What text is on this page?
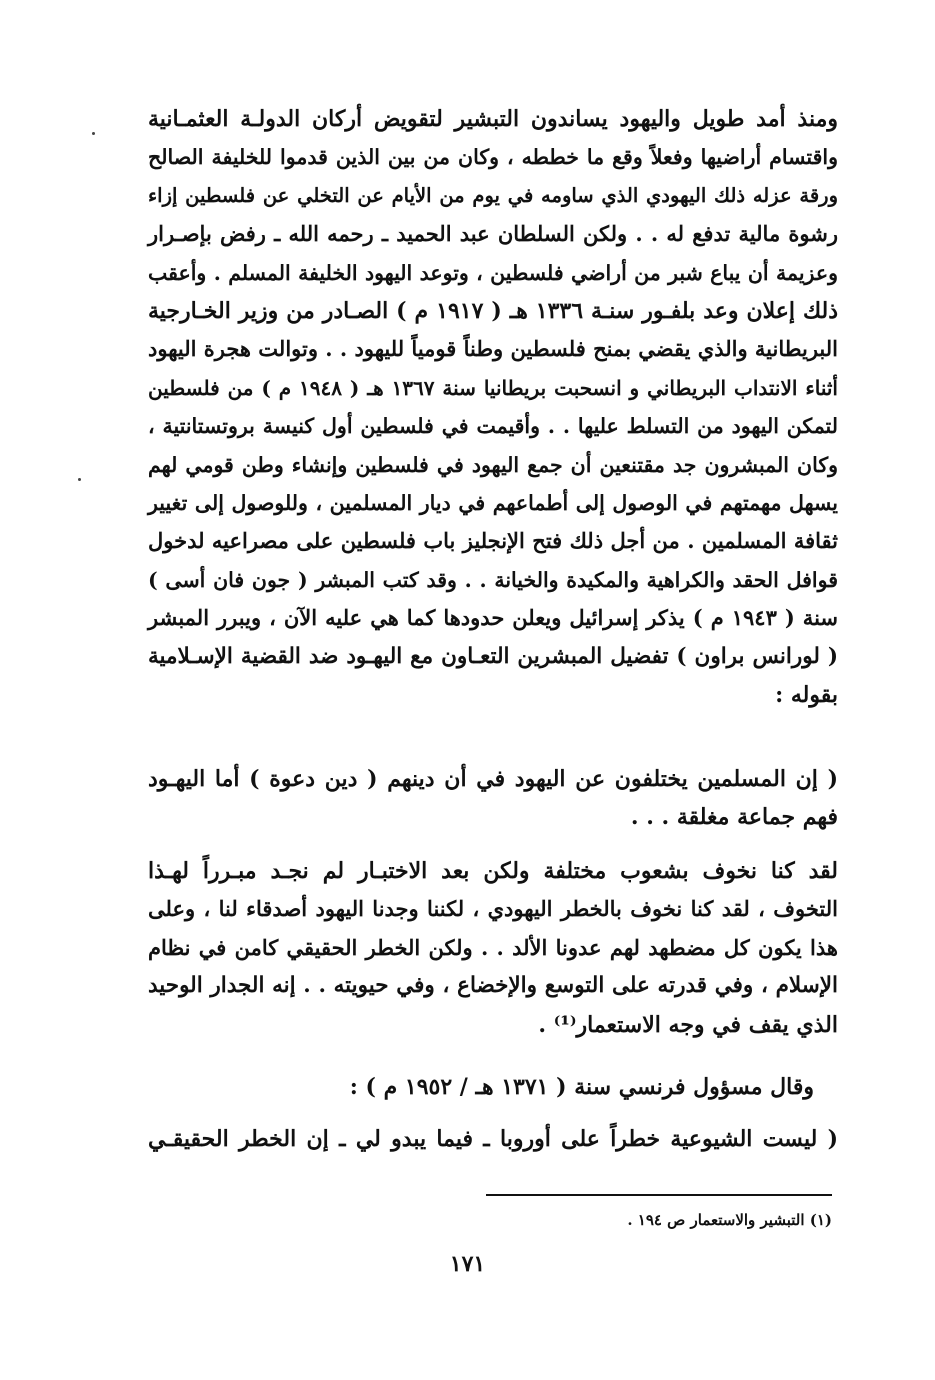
ومنذ أمد طويل واليهود يساندون التبشير لتقويض أركان الدولـة العثمـانية
واقتسام أراضيها وفعلاً وقع ما خططه ، وكان من بين الذين قدموا للخليفة الصالح
ورقة عزله ذلك اليهودي الذي ساومه في يوم من الأيام عن التخلي عن فلسطين إزاء
رشوة مالية تدفع له . . ولكن السلطان عبد الحميد ـ رحمه الله ـ رفض بإصـرار
وعزيمة أن يباع شبر من أراضي فلسطين ، وتوعد اليهود الخليفة المسلم . وأعقب
ذلك إعلان وعد بلفـور سنـة ١٣٣٦ هـ ( ١٩١٧ م ) الصـادر من وزير الخـارجية
البريطانية والذي يقضي بمنح فلسطين وطناً قومياً لليهود . . وتوالت هجرة اليهود
أثناء الانتداب البريطاني و انسحبت بريطانيا سنة ١٣٦٧ هـ ( ١٩٤٨ م ) من فلسطين
لتمكن اليهود من التسلط عليها . . وأقيمت في فلسطين أول كنيسة بروتستانتية ،
وكان المبشرون جد مقتنعين أن جمع اليهود في فلسطين وإنشاء وطن قومي لهم
يسهل مهمتهم في الوصول إلى أطماعهم في ديار المسلمين ، وللوصول إلى تغيير
ثقافة المسلمين . من أجل ذلك فتح الإنجليز باب فلسطين على مصراعيه لدخول
قوافل الحقد والكراهية والمكيدة والخيانة . . وقد كتب المبشر ( جون فان أسى )
سنة ( ١٩٤٣ م ) يذكر إسرائيل ويعلن حدودها كما هي عليه الآن ، ويبرر المبشر
( لورانس براون ) تفضيل المبشرين التعـاون مع اليهـود ضد القضية الإسـلامية
بقوله :
( إن المسلمين يختلفون عن اليهود في أن دينهم ( دين دعوة ) أما اليهـود
فهم جماعة مغلقة . . .
لقد كنا نخوف بشعوب مختلفة ولكن بعد الاختبـار لم نجـد مبـرراً لهـذا
التخوف ، لقد كنا نخوف بالخطر اليهودي ، لكننا وجدنا اليهود أصدقاء لنا ، وعلى
هذا يكون كل مضطهد لهم عدونا الألد . . ولكن الخطر الحقيقي كامن في نظام
الإسلام ، وفي قدرته على التوسع والإخضاع ، وفي حيويته . . إنه الجدار الوحيد
الذي يقف في وجه الاستعمار⁽¹⁾ .
وقال مسؤول فرنسي سنة ( ١٣٧١ هـ / ١٩٥٢ م ) :
( ليست الشيوعية خطراً على أوروبا ـ فيما يبدو لي ـ إن الخطر الحقيقـي
(١) التبشير والاستعمار ص ١٩٤ .
١٧١
